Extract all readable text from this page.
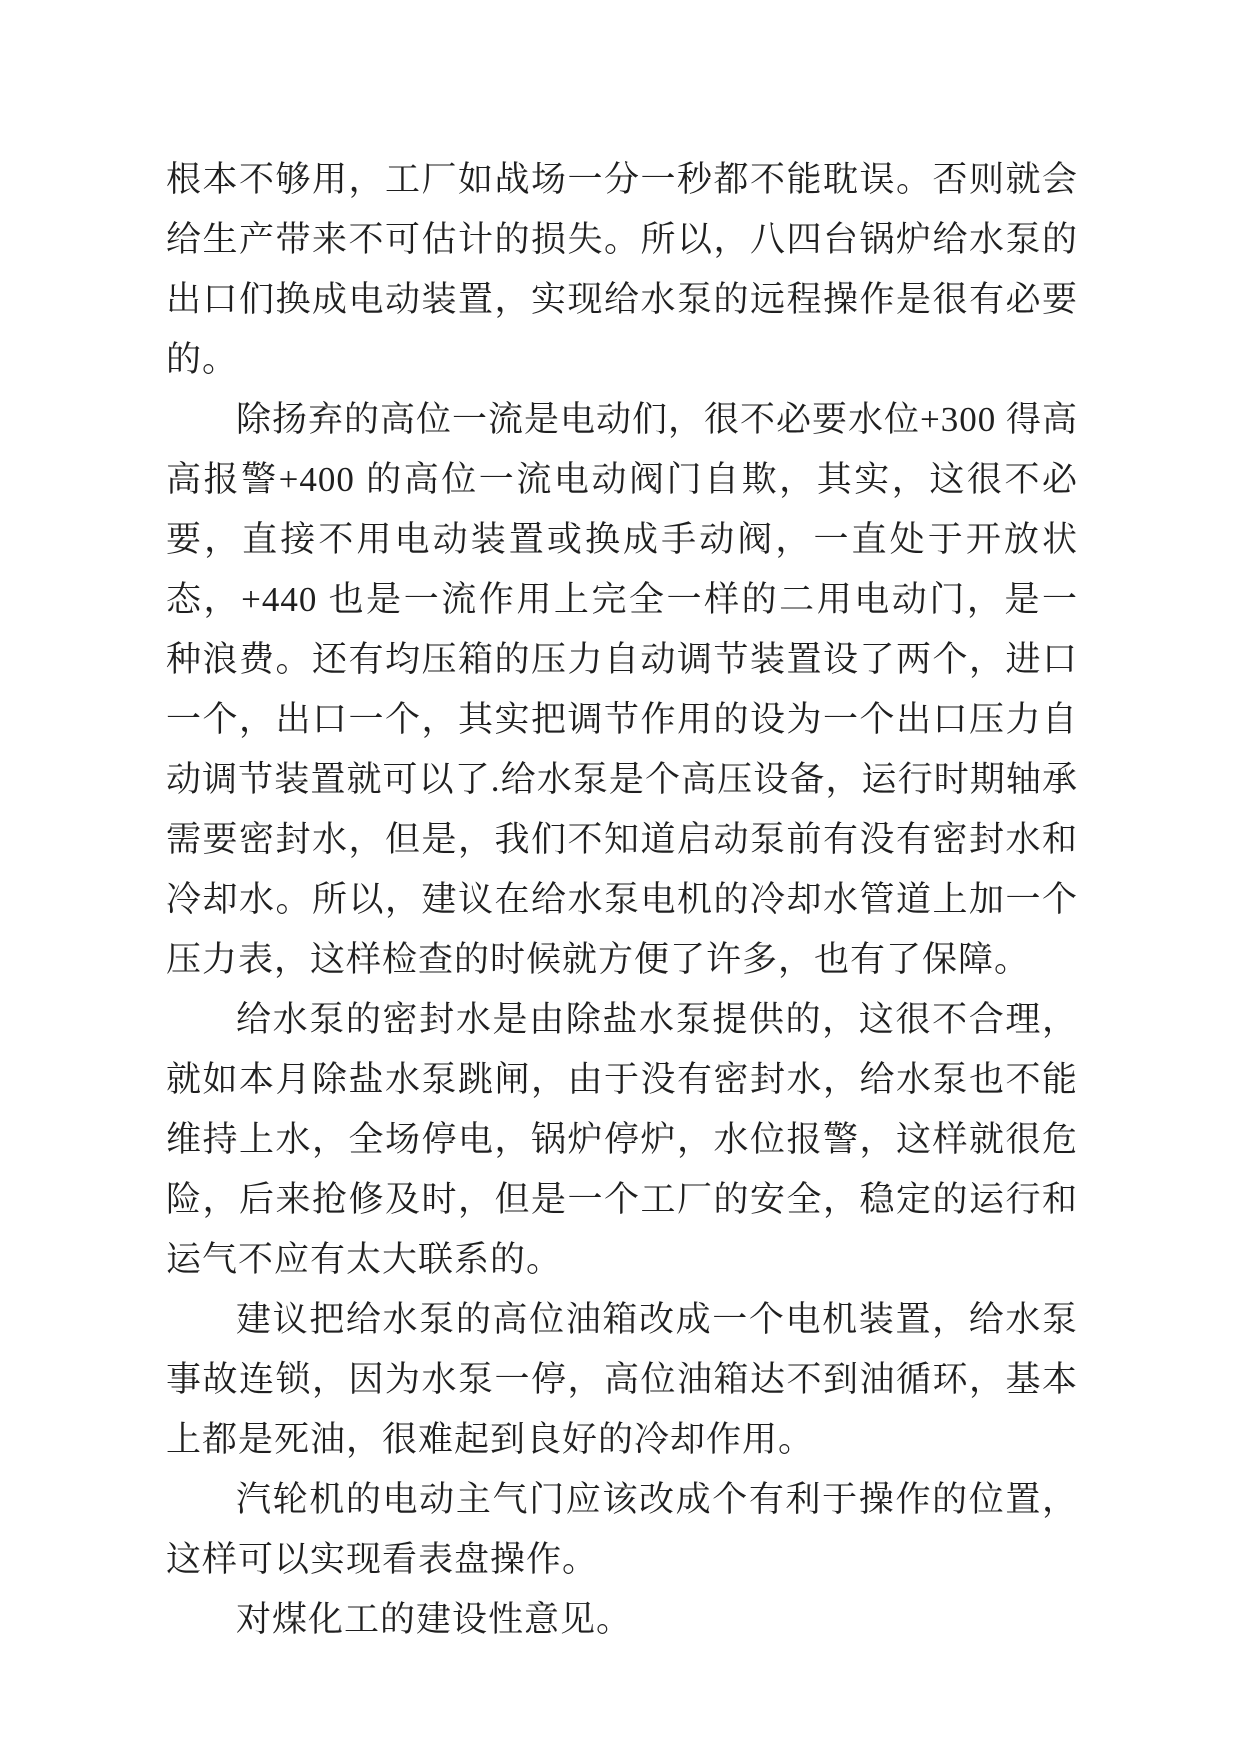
根本不够用，工厂如战场一分一秒都不能耽误。否则就会给生产带来不可估计的损失。所以，八四台锅炉给水泵的出口们换成电动装置，实现给水泵的远程操作是很有必要的。

除扬弃的高位一流是电动们，很不必要水位+300 得高高报警+400 的高位一流电动阀门自欺，其实，这很不必要，直接不用电动装置或换成手动阀，一直处于开放状态，+440 也是一流作用上完全一样的二用电动门，是一种浪费。还有均压箱的压力自动调节装置设了两个，进口一个，出口一个，其实把调节作用的设为一个出口压力自动调节装置就可以了.给水泵是个高压设备，运行时期轴承需要密封水，但是，我们不知道启动泵前有没有密封水和冷却水。所以，建议在给水泵电机的冷却水管道上加一个压力表，这样检查的时候就方便了许多，也有了保障。

给水泵的密封水是由除盐水泵提供的，这很不合理，就如本月除盐水泵跳闸，由于没有密封水，给水泵也不能维持上水，全场停电，锅炉停炉，水位报警，这样就很危险，后来抢修及时，但是一个工厂的安全，稳定的运行和运气不应有太大联系的。

建议把给水泵的高位油箱改成一个电机装置，给水泵事故连锁，因为水泵一停，高位油箱达不到油循环，基本上都是死油，很难起到良好的冷却作用。

汽轮机的电动主气门应该改成个有利于操作的位置，这样可以实现看表盘操作。

对煤化工的建设性意见。
